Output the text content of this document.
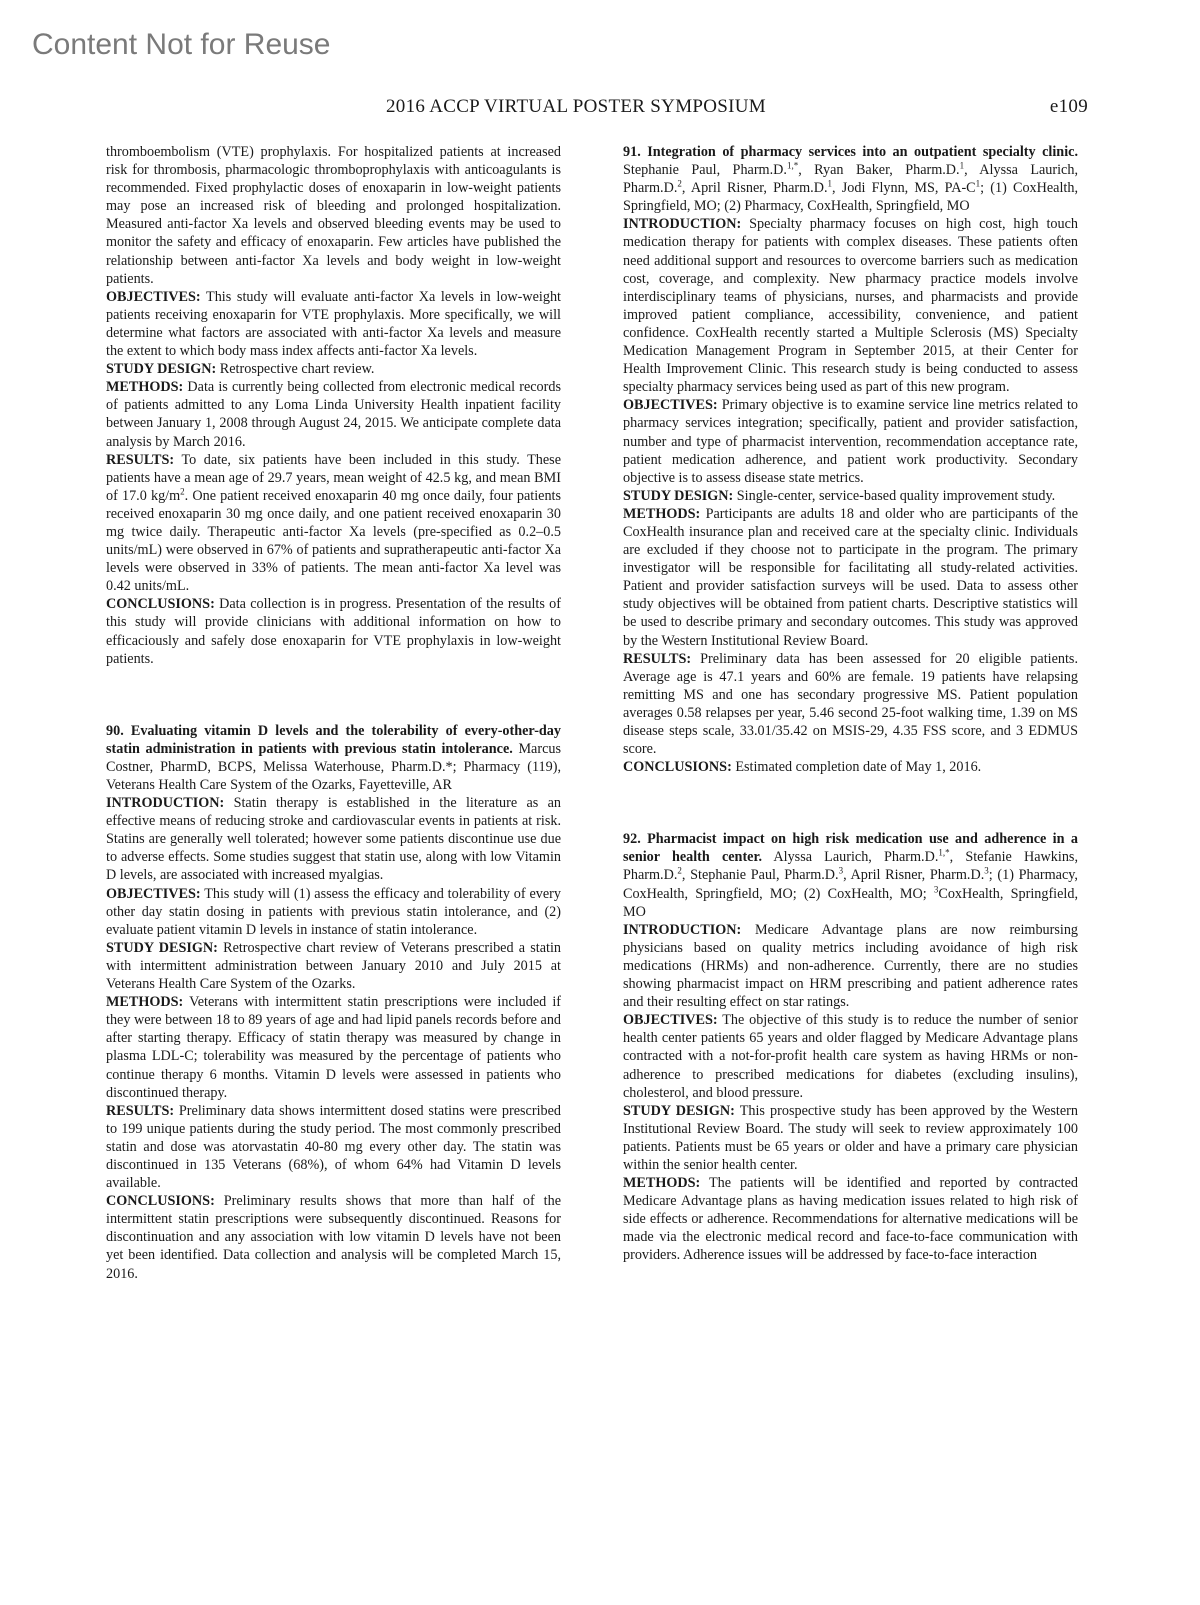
Content Not for Reuse
2016 ACCP VIRTUAL POSTER SYMPOSIUM	e109

thromboembolism (VTE) prophylaxis. For hospitalized patients at increased risk for thrombosis, pharmacologic thromboprophylaxis with anticoagulants is recommended. Fixed prophylactic doses of enoxaparin in low-weight patients may pose an increased risk of bleeding and prolonged hospitalization. Measured anti-factor Xa levels and observed bleeding events may be used to monitor the safety and efficacy of enoxaparin. Few articles have published the relationship between anti-factor Xa levels and body weight in low-weight patients.

OBJECTIVES: This study will evaluate anti-factor Xa levels in low-weight patients receiving enoxaparin for VTE prophylaxis. More specifically, we will determine what factors are associated with anti-factor Xa levels and measure the extent to which body mass index affects anti-factor Xa levels.

STUDY DESIGN: Retrospective chart review.

METHODS: Data is currently being collected from electronic medical records of patients admitted to any Loma Linda University Health inpatient facility between January 1, 2008 through August 24, 2015. We anticipate complete data analysis by March 2016.

RESULTS: To date, six patients have been included in this study. These patients have a mean age of 29.7 years, mean weight of 42.5 kg, and mean BMI of 17.0 $kg/m^2$. One patient received enoxaparin 40 mg once daily, four patients received enoxaparin 30 mg once daily, and one patient received enoxaparin 30 mg twice daily. Therapeutic anti-factor Xa levels (pre-specified as 0.2–0.5 units/mL) were observed in 67% of patients and supratherapeutic anti-factor Xa levels were observed in 33% of patients. The mean anti-factor Xa level was 0.42 units/mL.

CONCLUSIONS: Data collection is in progress. Presentation of the results of this study will provide clinicians with additional information on how to efficaciously and safely dose enoxaparin for VTE prophylaxis in low-weight patients.

90. Evaluating vitamin D levels and the tolerability of every-other-day statin administration in patients with previous statin intolerance. Marcus Costner, PharmD, BCPS, Melissa Waterhouse, Pharm.D.*; Pharmacy (119), Veterans Health Care System of the Ozarks, Fayetteville, AR

INTRODUCTION: Statin therapy is established in the literature as an effective means of reducing stroke and cardiovascular events in patients at risk. Statins are generally well tolerated; however some patients discontinue use due to adverse effects. Some studies suggest that statin use, along with low Vitamin D levels, are associated with increased myalgias.

OBJECTIVES: This study will (1) assess the efficacy and tolerability of every other day statin dosing in patients with previous statin intolerance, and (2) evaluate patient vitamin D levels in instance of statin intolerance.

STUDY DESIGN: Retrospective chart review of Veterans prescribed a statin with intermittent administration between January 2010 and July 2015 at Veterans Health Care System of the Ozarks.

METHODS: Veterans with intermittent statin prescriptions were included if they were between 18 to 89 years of age and had lipid panels records before and after starting therapy. Efficacy of statin therapy was measured by change in plasma LDL-C; tolerability was measured by the percentage of patients who continue therapy 6 months. Vitamin D levels were assessed in patients who discontinued therapy.

RESULTS: Preliminary data shows intermittent dosed statins were prescribed to 199 unique patients during the study period. The most commonly prescribed statin and dose was atorvastatin 40-80 mg every other day. The statin was discontinued in 135 Veterans (68%), of whom 64% had Vitamin D levels available.

CONCLUSIONS: Preliminary results shows that more than half of the intermittent statin prescriptions were subsequently discontinued. Reasons for discontinuation and any association with low vitamin D levels have not been yet been identified. Data collection and analysis will be completed March 15, 2016.

91. Integration of pharmacy services into an outpatient specialty clinic. Stephanie Paul, Pharm.D.$^{1,*}$, Ryan Baker, Pharm.D.$^1$, Alyssa Laurich, Pharm.D.$^2$, April Risner, Pharm.D.$^1$, Jodi Flynn, MS, $PA-C^1$; (1) CoxHealth, Springfield, MO; (2) Pharmacy, CoxHealth, Springfield, MO

INTRODUCTION: Specialty pharmacy focuses on high cost, high touch medication therapy for patients with complex diseases. These patients often need additional support and resources to overcome barriers such as medication cost, coverage, and complexity. New pharmacy practice models involve interdisciplinary teams of physicians, nurses, and pharmacists and provide improved patient compliance, accessibility, convenience, and patient confidence. CoxHealth recently started a Multiple Sclerosis (MS) Specialty Medication Management Program in September 2015, at their Center for Health Improvement Clinic. This research study is being conducted to assess specialty pharmacy services being used as part of this new program.

OBJECTIVES: Primary objective is to examine service line metrics related to pharmacy services integration; specifically, patient and provider satisfaction, number and type of pharmacist intervention, recommendation acceptance rate, patient medication adherence, and patient work productivity. Secondary objective is to assess disease state metrics.

STUDY DESIGN: Single-center, service-based quality improvement study.

METHODS: Participants are adults 18 and older who are participants of the CoxHealth insurance plan and received care at the specialty clinic. Individuals are excluded if they choose not to participate in the program. The primary investigator will be responsible for facilitating all study-related activities. Patient and provider satisfaction surveys will be used. Data to assess other study objectives will be obtained from patient charts. Descriptive statistics will be used to describe primary and secondary outcomes. This study was approved by the Western Institutional Review Board.

RESULTS: Preliminary data has been assessed for 20 eligible patients. Average age is 47.1 years and 60% are female. 19 patients have relapsing remitting MS and one has secondary progressive MS. Patient population averages 0.58 relapses per year, 5.46 second 25-foot walking time, 1.39 on MS disease steps scale, 33.01/35.42 on MSIS-29, 4.35 FSS score, and 3 EDMUS score.

CONCLUSIONS: Estimated completion date of May 1, 2016.

92. Pharmacist impact on high risk medication use and adherence in a senior health center. Alyssa Laurich, Pharm.D.$^{1,*}$, Stefanie Hawkins, Pharm.D.$^2$, Stephanie Paul, Pharm.D.$^3$, April Risner, Pharm.D.$^3$; (1) Pharmacy, CoxHealth, Springfield, MO; (2) CoxHealth, MO; $^3$CoxHealth, Springfield, MO

INTRODUCTION: Medicare Advantage plans are now reimbursing physicians based on quality metrics including avoidance of high risk medications (HRMs) and non-adherence. Currently, there are no studies showing pharmacist impact on HRM prescribing and patient adherence rates and their resulting effect on star ratings.

OBJECTIVES: The objective of this study is to reduce the number of senior health center patients 65 years and older flagged by Medicare Advantage plans contracted with a not-for-profit health care system as having HRMs or non-adherence to prescribed medications for diabetes (excluding insulins), cholesterol, and blood pressure.

STUDY DESIGN: This prospective study has been approved by the Western Institutional Review Board. The study will seek to review approximately 100 patients. Patients must be 65 years or older and have a primary care physician within the senior health center.

METHODS: The patients will be identified and reported by contracted Medicare Advantage plans as having medication issues related to high risk of side effects or adherence. Recommendations for alternative medications will be made via the electronic medical record and face-to-face communication with providers. Adherence issues will be addressed by face-to-face interaction
